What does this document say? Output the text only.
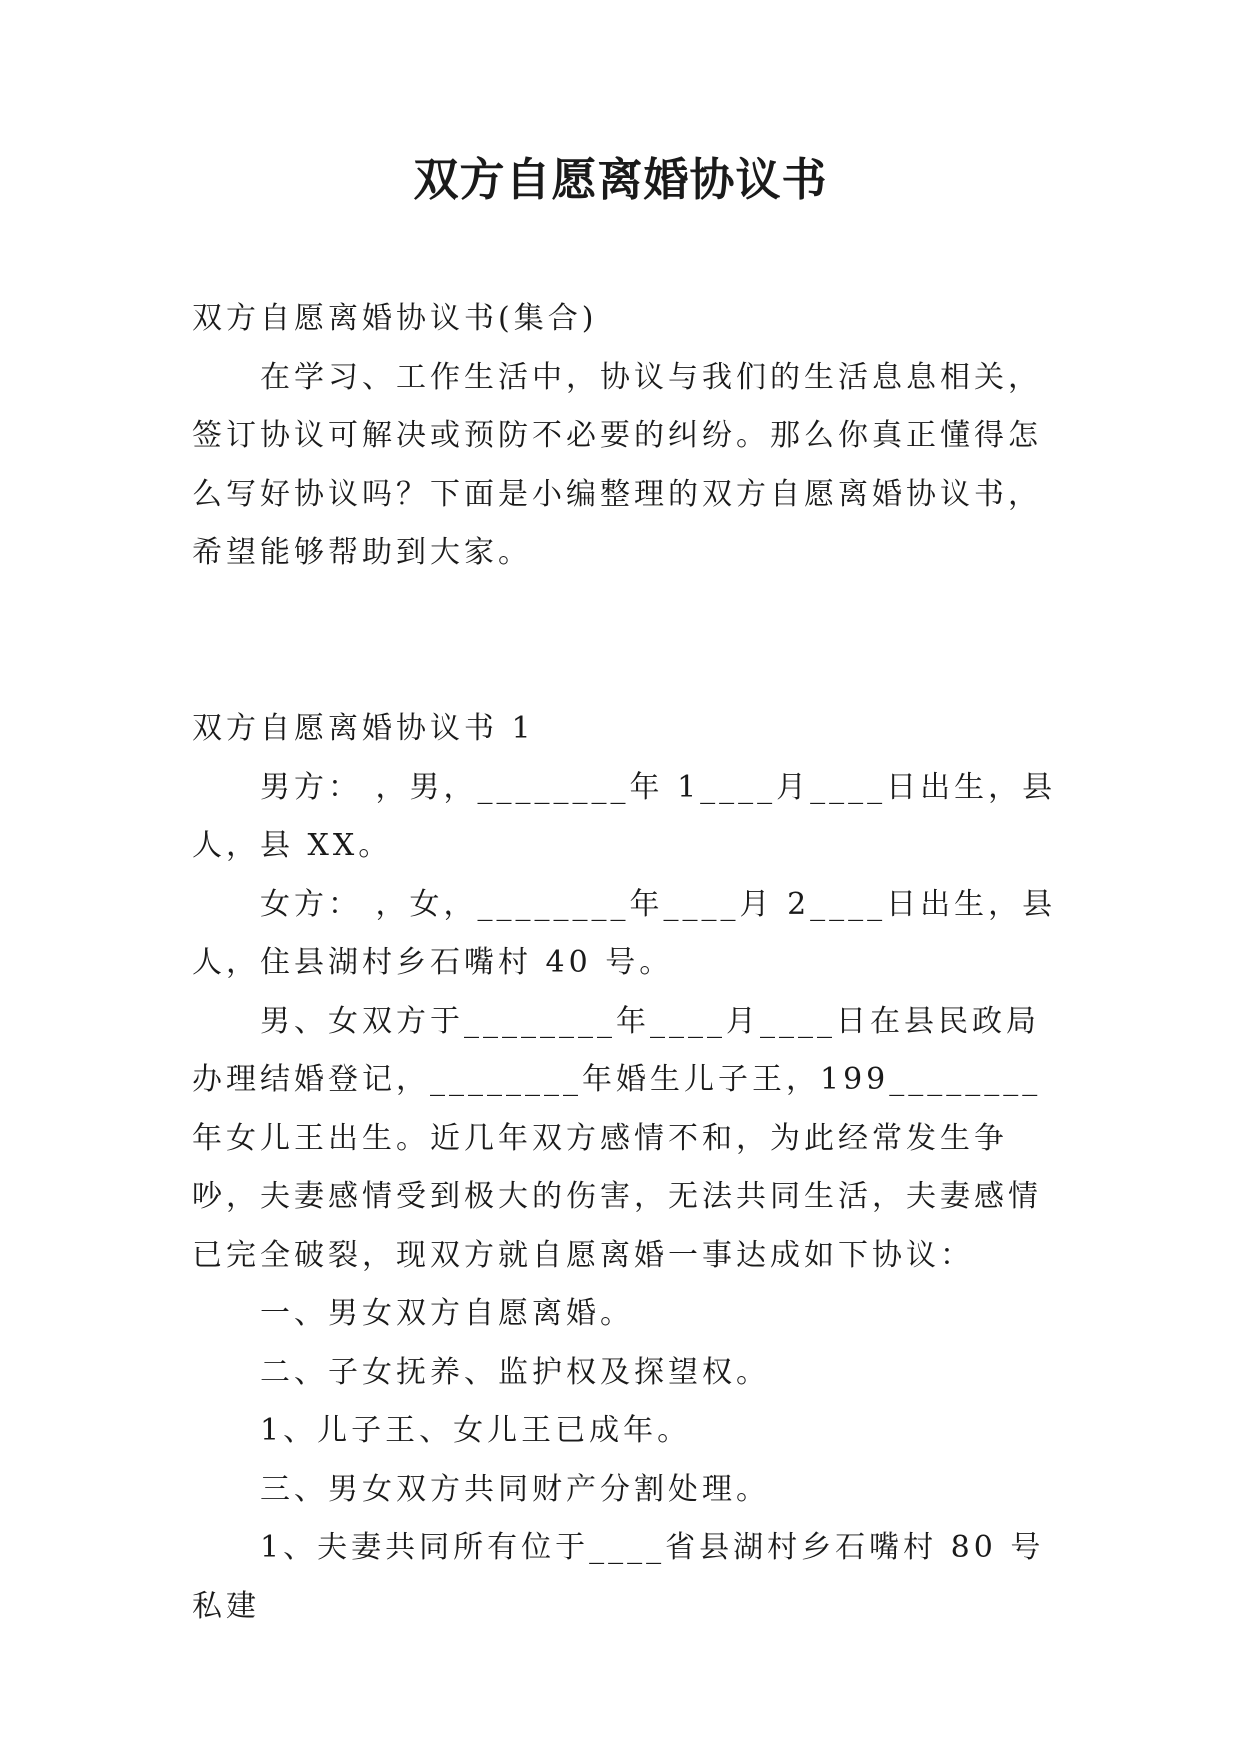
双方自愿离婚协议书

双方自愿离婚协议书(集合)

在学习、工作生活中，协议与我们的生活息息相关，签订协议可解决或预防不必要的纠纷。那么你真正懂得怎么写好协议吗？下面是小编整理的双方自愿离婚协议书，希望能够帮助到大家。

双方自愿离婚协议书 1

男方： ，男，________年 1____月____日出生，县人，县 XX。

女方： ，女，________年____月 2____日出生，县人，住县湖村乡石嘴村 40 号。

男、女双方于________年____月____日在县民政局办理结婚登记，________年婚生儿子王，199________年女儿王出生。近几年双方感情不和，为此经常发生争吵，夫妻感情受到极大的伤害，无法共同生活，夫妻感情已完全破裂，现双方就自愿离婚一事达成如下协议：

一、男女双方自愿离婚。

二、子女抚养、监护权及探望权。

1、儿子王、女儿王已成年。

三、男女双方共同财产分割处理。

1、夫妻共同所有位于____省县湖村乡石嘴村 80 号私建
